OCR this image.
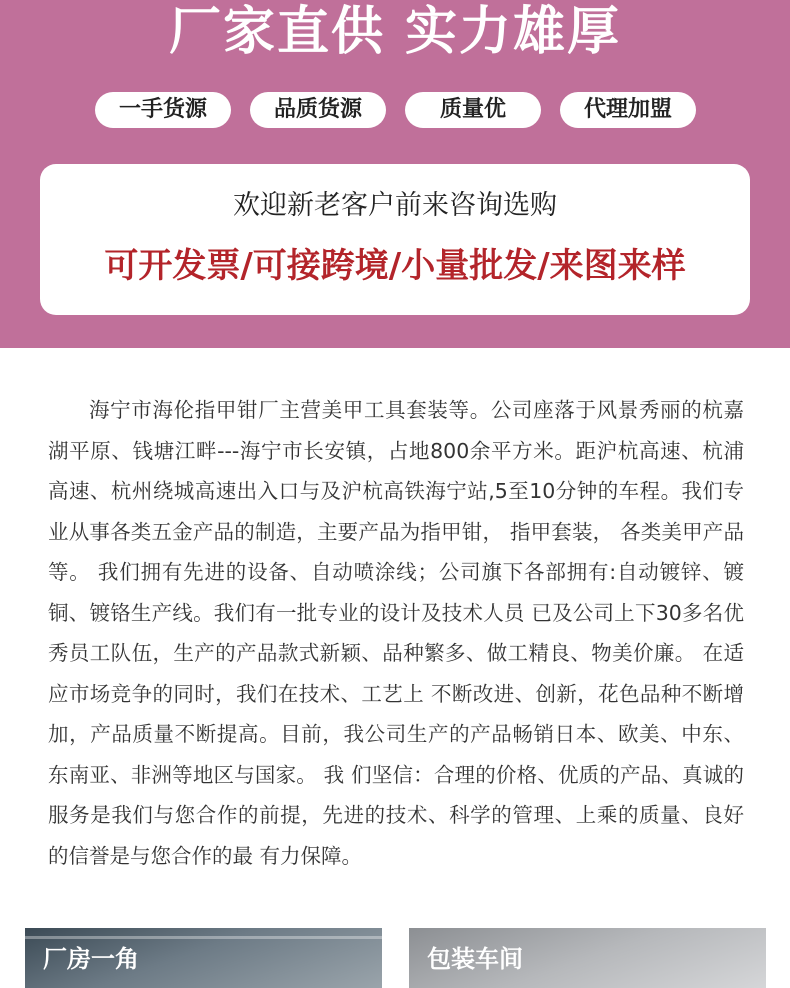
厂家直供 实力雄厚
一手货源	品质货源	质量优	代理加盟
欢迎新老客户前来咨询选购
可开发票/可接跨境/小量批发/来图来样
海宁市海伦指甲钳厂主营美甲工具套装等。公司座落于风景秀丽的杭嘉湖平原、钱塘江畔---海宁市长安镇，占地800余平方米。距沪杭高速、杭浦高速、杭州绕城高速出入口与及沪杭高铁海宁站,5至10分钟的车程。我们专业从事各类五金产品的制造，主要产品为指甲钳， 指甲套装， 各类美甲产品等。 我们拥有先进的设备、自动喷涂线；公司旗下各部拥有:自动镀锌、镀铜、镀铬生产线。我们有一批专业的设计及技术人员 已及公司上下30多名优秀员工队伍，生产的产品款式新颖、品种繁多、做工精良、物美价廉。 在适应市场竞争的同时，我们在技术、工艺上 不断改进、创新，花色品种不断增加，产品质量不断提高。目前，我公司生产的产品畅销日本、欧美、中东、东南亚、非洲等地区与国家。 我 们坚信：合理的价格、优质的产品、真诚的服务是我们与您合作的前提，先进的技术、科学的管理、上乘的质量、良好的信誉是与您合作的最 有力保障。
厂房一角	包装车间
